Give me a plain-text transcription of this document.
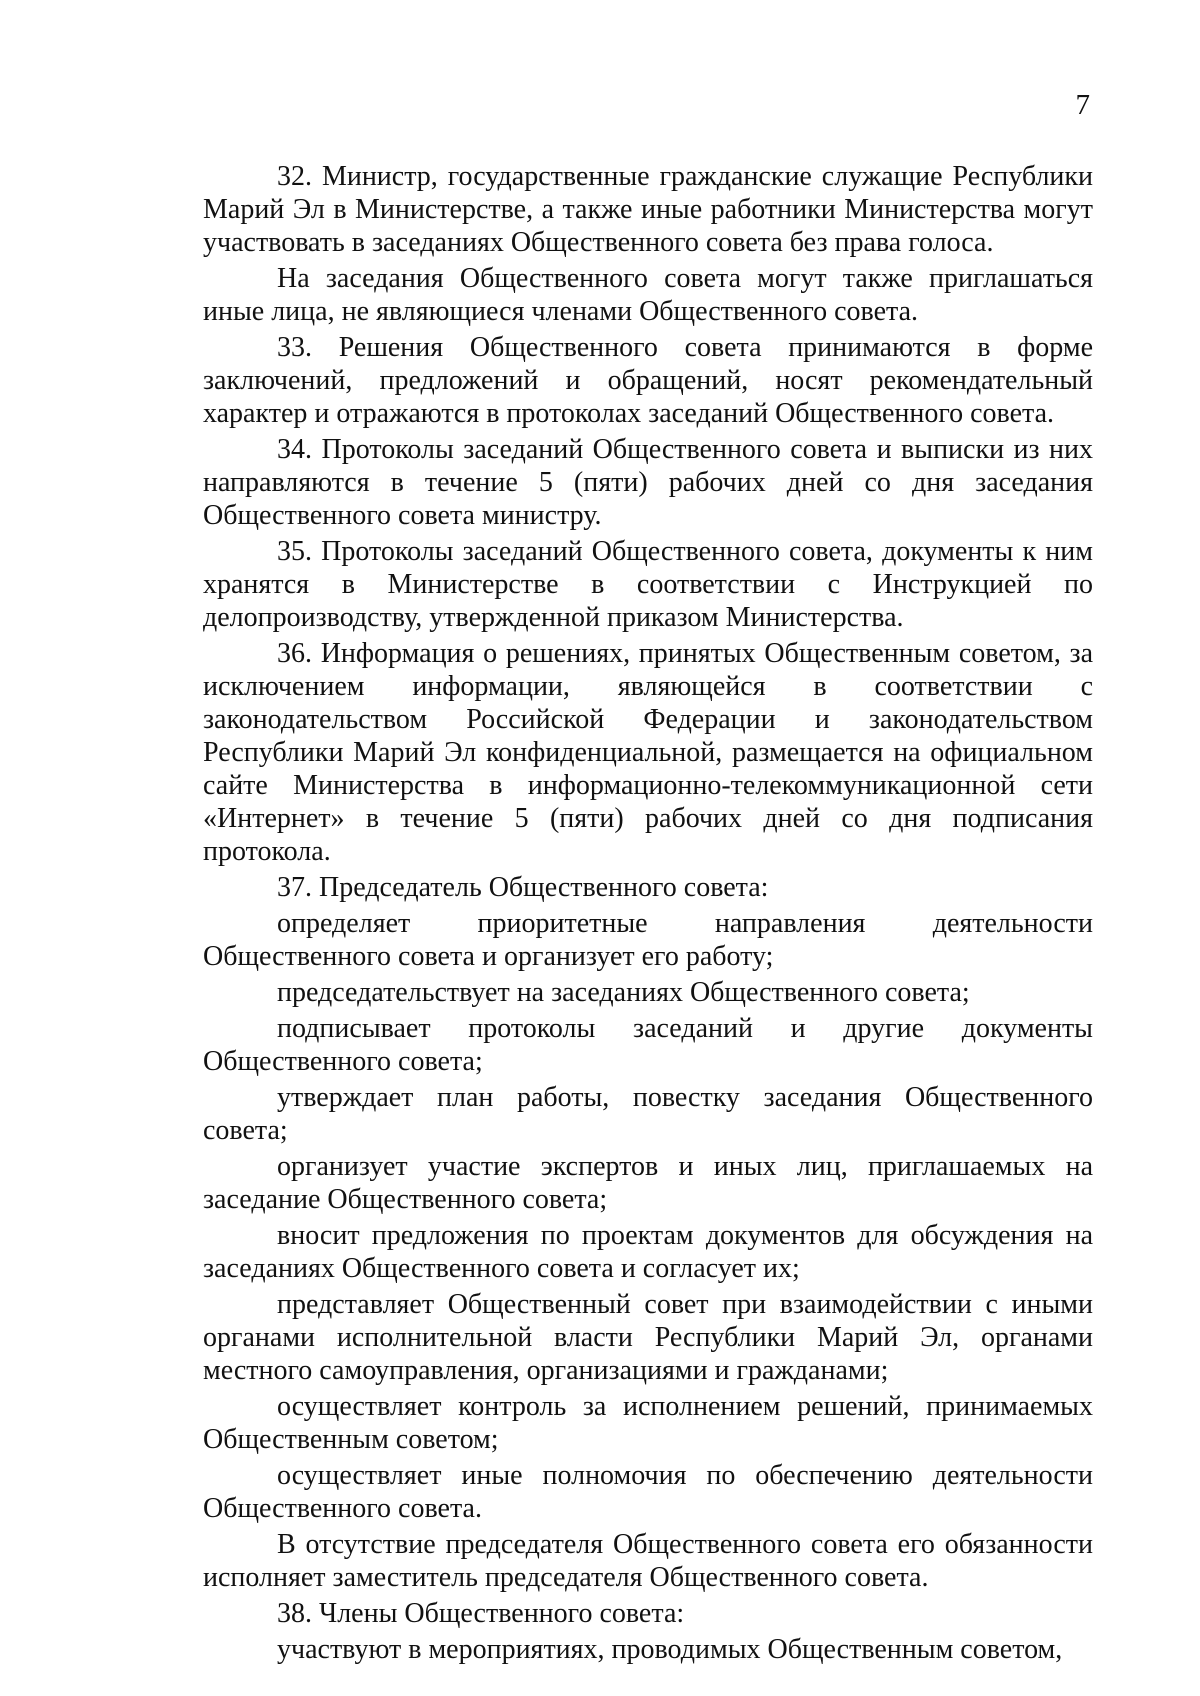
7

32. Министр, государственные гражданские служащие Республики Марий Эл в Министерстве, а также иные работники Министерства могут участвовать в заседаниях Общественного совета без права голоса.

На заседания Общественного совета могут также приглашаться иные лица, не являющиеся членами Общественного совета.

33. Решения Общественного совета принимаются в форме заключений, предложений и обращений, носят рекомендательный характер и отражаются в протоколах заседаний Общественного совета.

34. Протоколы заседаний Общественного совета и выписки из них направляются в течение 5 (пяти) рабочих дней со дня заседания Общественного совета министру.

35. Протоколы заседаний Общественного совета, документы к ним хранятся в Министерстве в соответствии с Инструкцией по делопроизводству, утвержденной приказом Министерства.

36. Информация о решениях, принятых Общественным советом, за исключением информации, являющейся в соответствии с законодательством Российской Федерации и законодательством Республики Марий Эл конфиденциальной, размещается на официальном сайте Министерства в информационно-телекоммуникационной сети «Интернет» в течение 5 (пяти) рабочих дней со дня подписания протокола.

37. Председатель Общественного совета:

определяет приоритетные направления деятельности Общественного совета и организует его работу;

председательствует на заседаниях Общественного совета;

подписывает протоколы заседаний и другие документы Общественного совета;

утверждает план работы, повестку заседания Общественного совета;

организует участие экспертов и иных лиц, приглашаемых на заседание Общественного совета;

вносит предложения по проектам документов для обсуждения на заседаниях Общественного совета и согласует их;

представляет Общественный совет при взаимодействии с иными органами исполнительной власти Республики Марий Эл, органами местного самоуправления, организациями и гражданами;

осуществляет контроль за исполнением решений, принимаемых Общественным советом;

осуществляет иные полномочия по обеспечению деятельности Общественного совета.

В отсутствие председателя Общественного совета его обязанности исполняет заместитель председателя Общественного совета.

38. Члены Общественного совета:

участвуют в мероприятиях, проводимых Общественным советом,
